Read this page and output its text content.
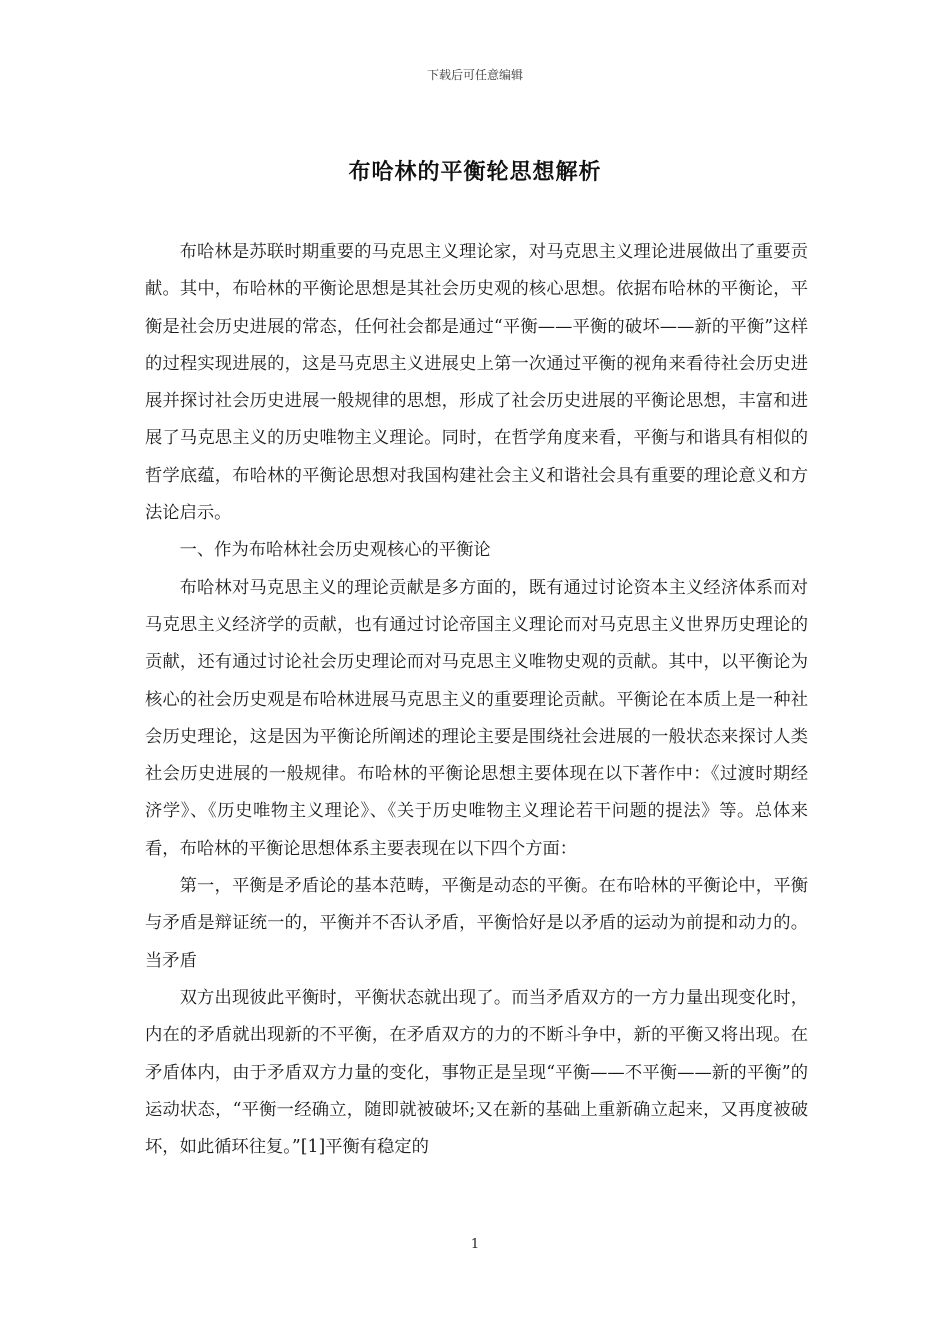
下载后可任意编辑
布哈林的平衡轮思想解析

布哈林是苏联时期重要的马克思主义理论家，对马克思主义理论进展做出了重要贡献。其中，布哈林的平衡论思想是其社会历史观的核心思想。依据布哈林的平衡论，平衡是社会历史进展的常态，任何社会都是通过“平衡——平衡的破坏——新的平衡”这样的过程实现进展的，这是马克思主义进展史上第一次通过平衡的视角来看待社会历史进展并探讨社会历史进展一般规律的思想，形成了社会历史进展的平衡论思想，丰富和进展了马克思主义的历史唯物主义理论。同时，在哲学角度来看，平衡与和谐具有相似的哲学底蕴，布哈林的平衡论思想对我国构建社会主义和谐社会具有重要的理论意义和方法论启示。

一、作为布哈林社会历史观核心的平衡论

布哈林对马克思主义的理论贡献是多方面的，既有通过讨论资本主义经济体系而对马克思主义经济学的贡献，也有通过讨论帝国主义理论而对马克思主义世界历史理论的贡献，还有通过讨论社会历史理论而对马克思主义唯物史观的贡献。其中，以平衡论为核心的社会历史观是布哈林进展马克思主义的重要理论贡献。平衡论在本质上是一种社会历史理论，这是因为平衡论所阐述的理论主要是围绕社会进展的一般状态来探讨人类社会历史进展的一般规律。布哈林的平衡论思想主要体现在以下著作中：《过渡时期经济学》、《历史唯物主义理论》、《关于历史唯物主义理论若干问题的提法》等。总体来看，布哈林的平衡论思想体系主要表现在以下四个方面：

第一，平衡是矛盾论的基本范畴，平衡是动态的平衡。在布哈林的平衡论中，平衡与矛盾是辩证统一的，平衡并不否认矛盾，平衡恰好是以矛盾的运动为前提和动力的。当矛盾

双方出现彼此平衡时，平衡状态就出现了。而当矛盾双方的一方力量出现变化时，内在的矛盾就出现新的不平衡，在矛盾双方的力的不断斗争中，新的平衡又将出现。在矛盾体内，由于矛盾双方力量的变化，事物正是呈现“平衡——不平衡——新的平衡”的运动状态，“平衡一经确立，随即就被破坏;又在新的基础上重新确立起来，又再度被破坏，如此循环往复。”[1]平衡有稳定的

1
